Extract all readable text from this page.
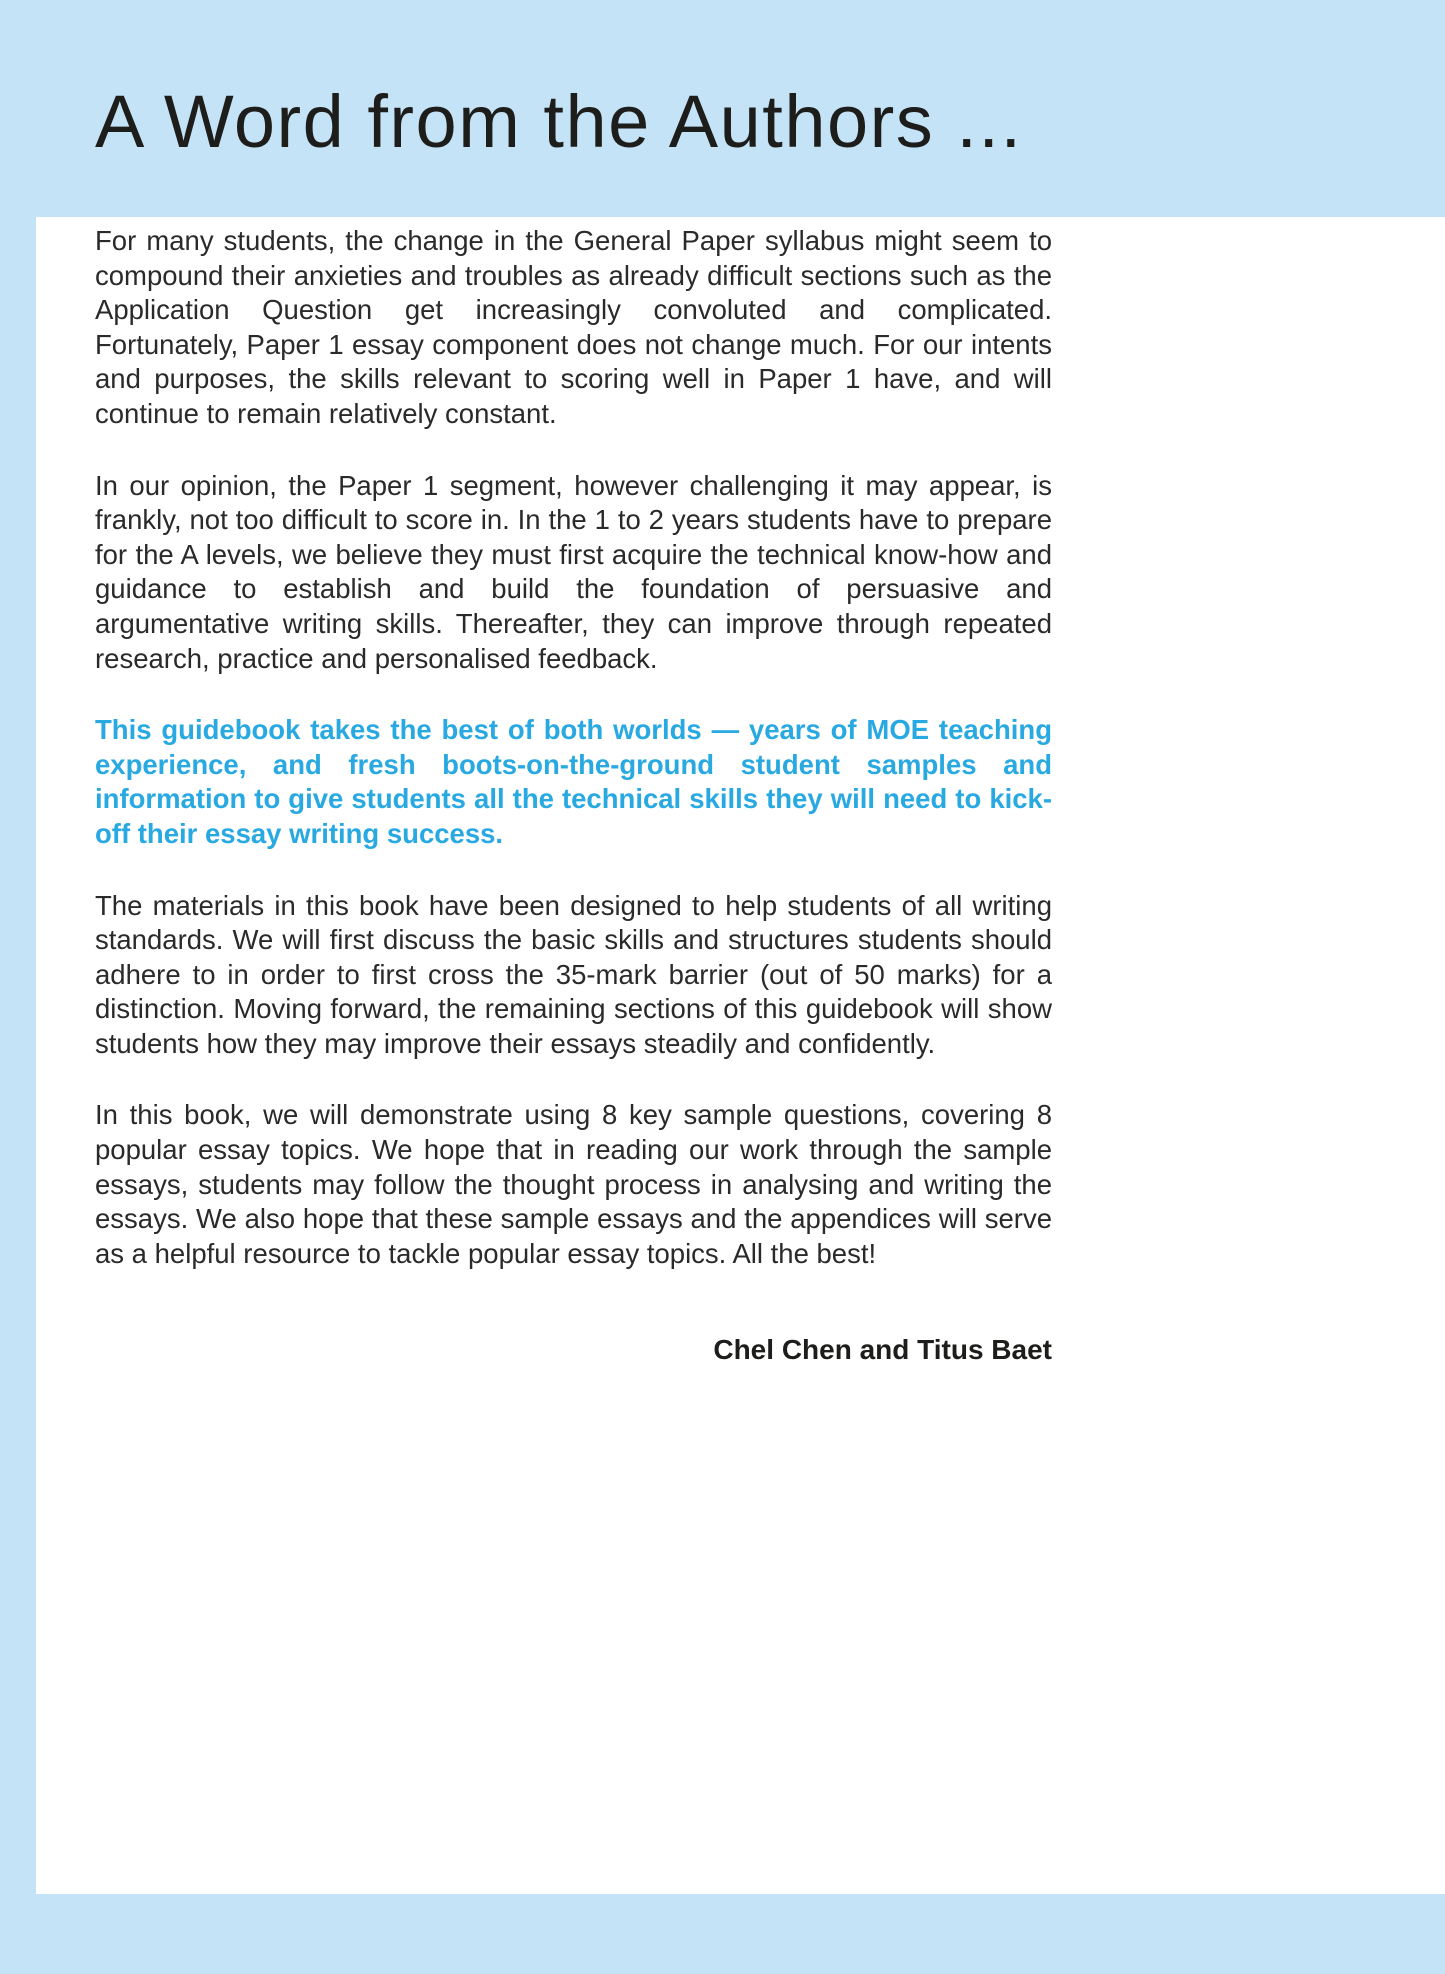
A Word from the Authors ...

For many students, the change in the General Paper syllabus might seem to compound their anxieties and troubles as already difficult sections such as the Application Question get increasingly convoluted and complicated. Fortunately, Paper 1 essay component does not change much. For our intents and purposes, the skills relevant to scoring well in Paper 1 have, and will continue to remain relatively constant.

In our opinion, the Paper 1 segment, however challenging it may appear, is frankly, not too difficult to score in. In the 1 to 2 years students have to prepare for the A levels, we believe they must first acquire the technical know-how and guidance to establish and build the foundation of persuasive and argumentative writing skills. Thereafter, they can improve through repeated research, practice and personalised feedback.

This guidebook takes the best of both worlds — years of MOE teaching experience, and fresh boots-on-the-ground student samples and information to give students all the technical skills they will need to kick-off their essay writing success.

The materials in this book have been designed to help students of all writing standards. We will first discuss the basic skills and structures students should adhere to in order to first cross the 35-mark barrier (out of 50 marks) for a distinction. Moving forward, the remaining sections of this guidebook will show students how they may improve their essays steadily and confidently.

In this book, we will demonstrate using 8 key sample questions, covering 8 popular essay topics. We hope that in reading our work through the sample essays, students may follow the thought process in analysing and writing the essays. We also hope that these sample essays and the appendices will serve as a helpful resource to tackle popular essay topics. All the best!

Chel Chen and Titus Baet
